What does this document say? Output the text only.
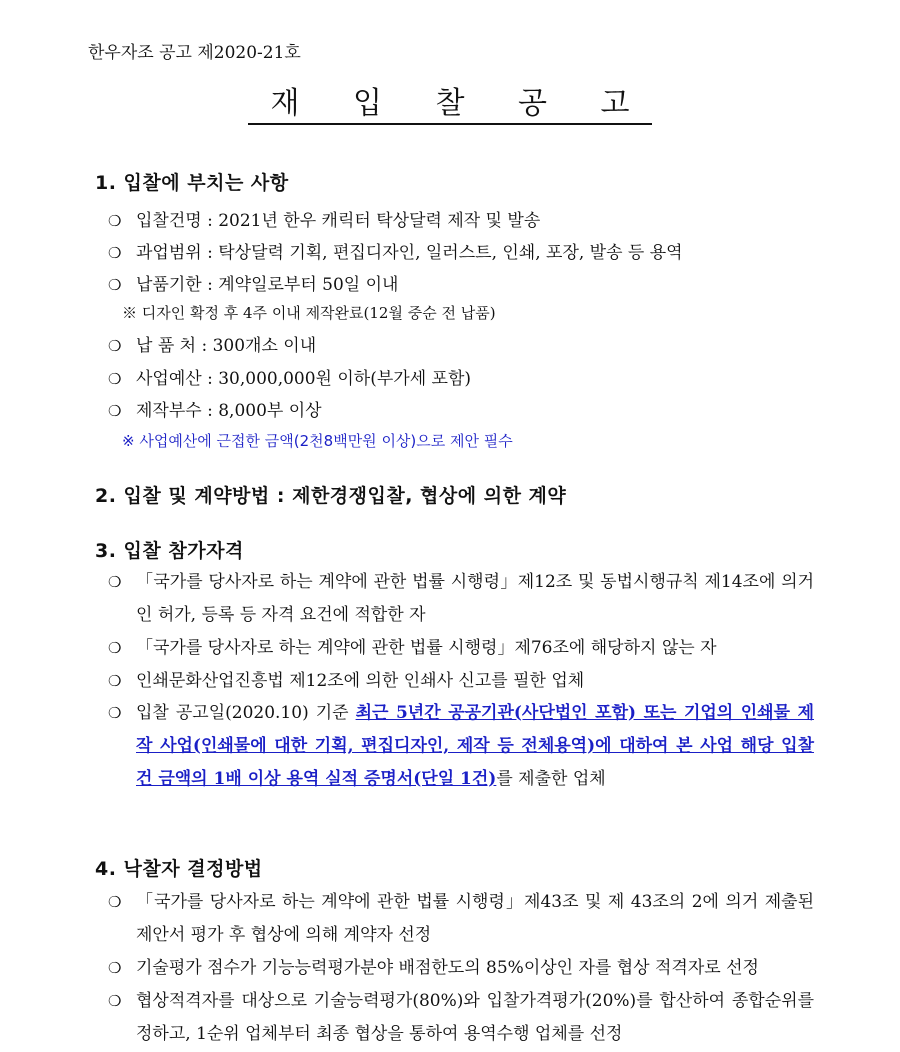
한우자조 공고 제2020-21호
재 입 찰 공 고
1. 입찰에 부치는 사항
❍ 입찰건명 : 2021년 한우 캐릭터 탁상달력 제작 및 발송
❍ 과업범위 : 탁상달력 기획, 편집디자인, 일러스트, 인쇄, 포장, 발송 등 용역
❍ 납품기한 : 계약일로부터 50일 이내
※ 디자인 확정 후 4주 이내 제작완료(12월 중순 전 납품)
❍ 납 품 처 : 300개소 이내
❍ 사업예산 : 30,000,000원 이하(부가세 포함)
❍ 제작부수 : 8,000부 이상
※ 사업예산에 근접한 금액(2천8백만원 이상)으로 제안 필수
2. 입찰 및 계약방법 : 제한경쟁입찰, 협상에 의한 계약
3. 입찰 참가자격
❍ 「국가를 당사자로 하는 계약에 관한 법률 시행령」제12조 및 동법시행규칙 제14조에 의거 인 허가, 등록 등 자격 요건에 적합한 자
❍ 「국가를 당사자로 하는 계약에 관한 법률 시행령」제76조에 해당하지 않는 자
❍ 인쇄문화산업진흥법 제12조에 의한 인쇄사 신고를 필한 업체
❍ 입찰 공고일(2020.10) 기준 최근 5년간 공공기관(사단법인 포함) 또는 기업의 인쇄물 제작 사업(인쇄물에 대한 기획, 편집디자인, 제작 등 전체용역)에 대하여 본 사업 해당 입찰 건 금액의 1배 이상 용역 실적 증명서(단일 1건)를 제출한 업체
4. 낙찰자 결정방법
❍ 「국가를 당사자로 하는 계약에 관한 법률 시행령」제43조 및 제 43조의 2에 의거 제출된 제안서 평가 후 협상에 의해 계약자 선정
❍ 기술평가 점수가 기능능력평가분야 배점한도의 85%이상인 자를 협상 적격자로 선정
❍ 협상적격자를 대상으로 기술능력평가(80%)와 입찰가격평가(20%)를 합산하여 종합순위를 정하고, 1순위 업체부터 최종 협상을 통하여 용역수행 업체를 선정
